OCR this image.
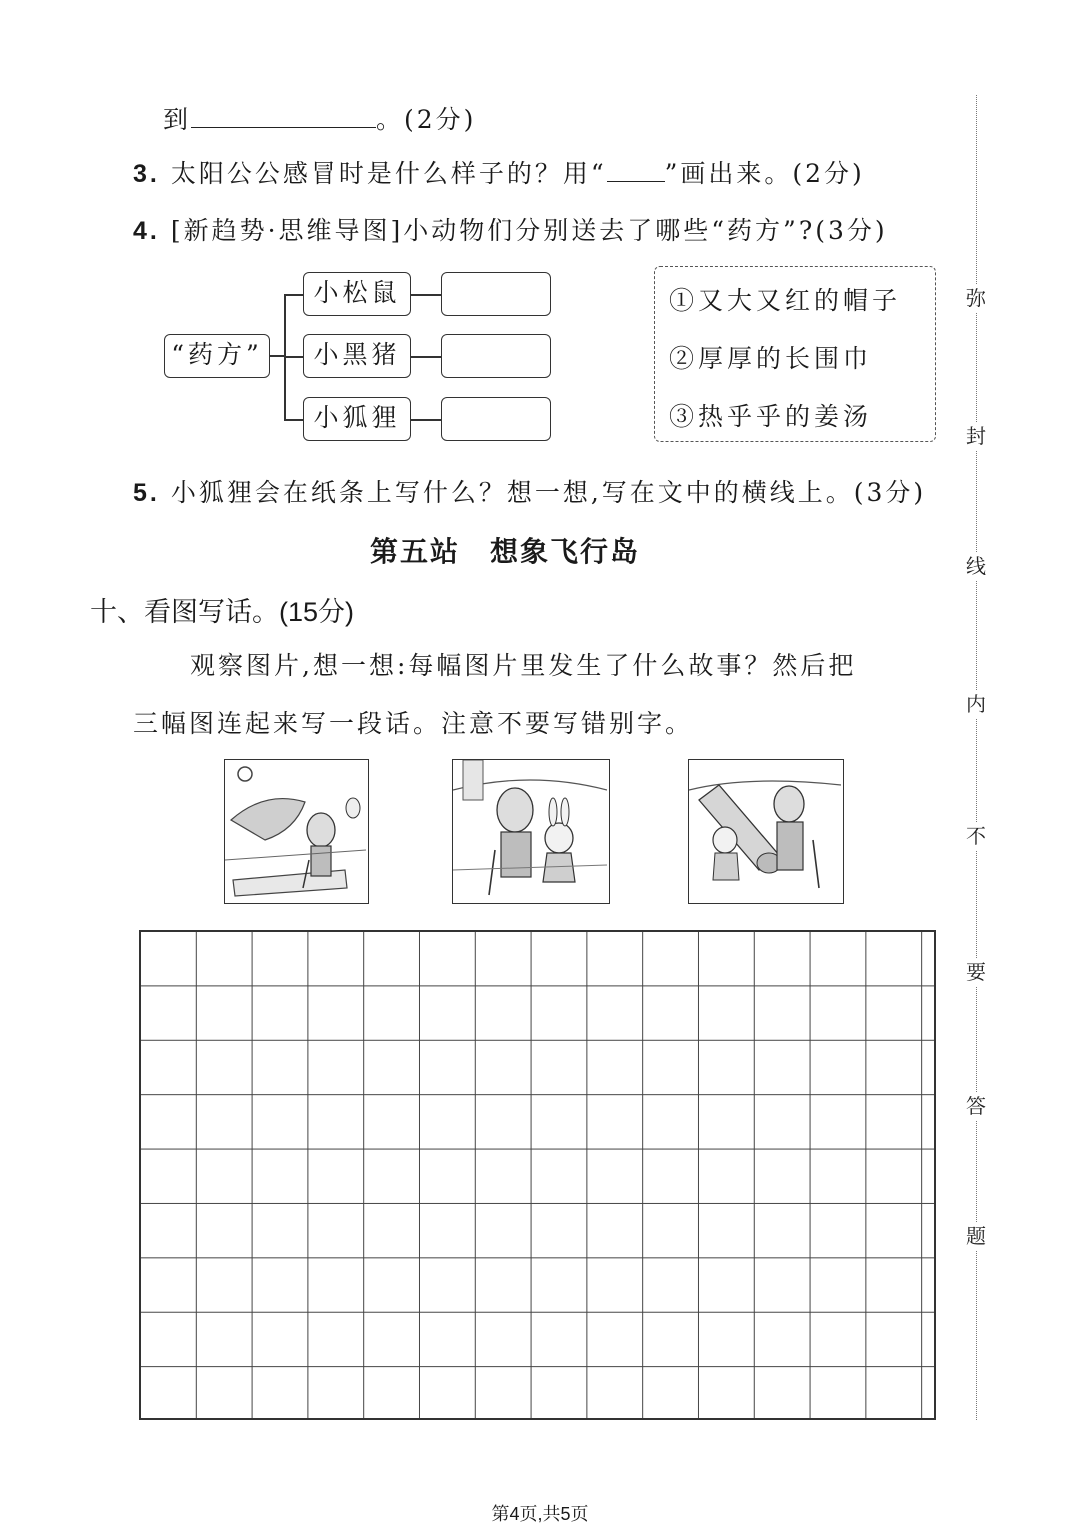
到	。(2分)
3. 太阳公公感冒时是什么样子的？用“ ”画出来。(2分)
4. [新趋势·思维导图]小动物们分别送去了哪些“药方”?(3分)
“药方”
小松鼠
小黑猪
小狐狸
①又大又红的帽子
②厚厚的长围巾
③热乎乎的姜汤
5. 小狐狸会在纸条上写什么？想一想,写在文中的横线上。(3分)
第五站　想象飞行岛
十、看图写话。(15分)
观察图片,想一想:每幅图片里发生了什么故事？然后把
三幅图连起来写一段话。注意不要写错别字。
弥
封
线
内
不
要
答
题
第4页,共5页
